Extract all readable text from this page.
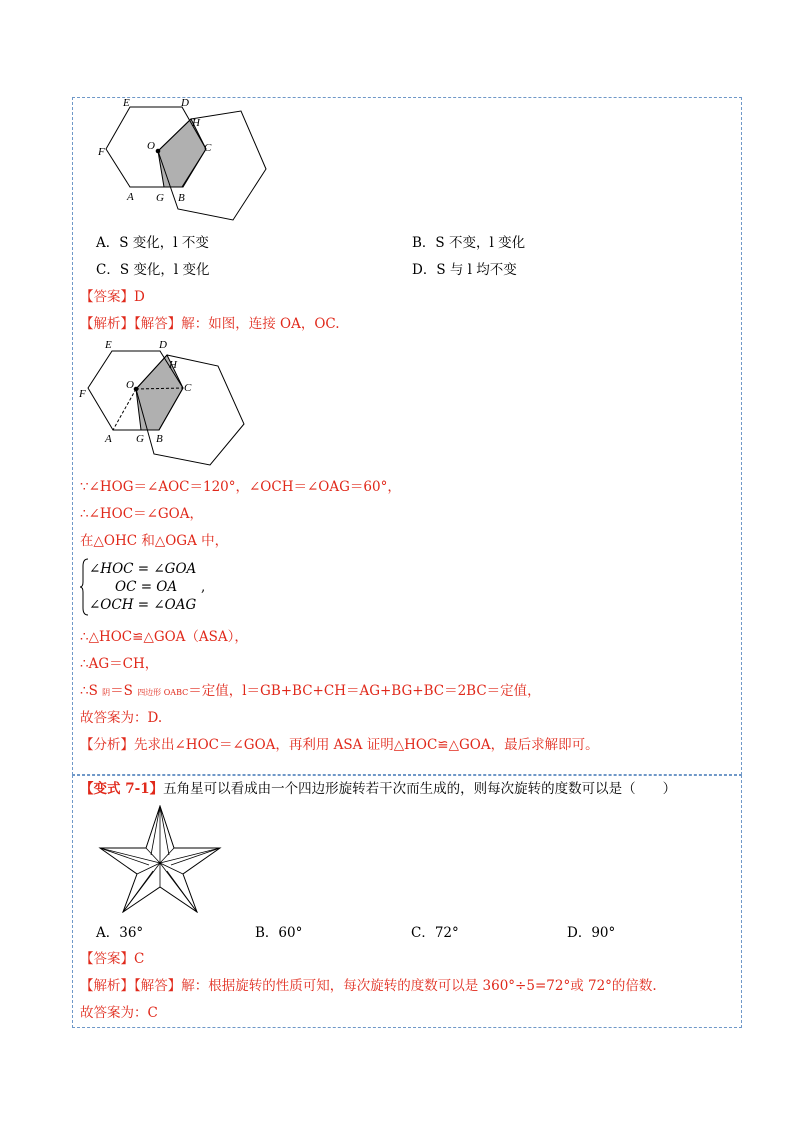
E	D
H
O	C
F
A G B
A．S 变化，l 不变	B．S 不变，l 变化
C．S 变化，l 变化	D．S 与 l 均不变
【答案】D
【解析】【解答】解：如图，连接 OA，OC.
E	D
H
O	C
F
A G B
∵∠HOG＝∠AOC＝120°，∠OCH＝∠OAG＝60°，
∴∠HOC＝∠GOA，
在△OHC 和△OGA 中，
∠HOC = ∠GOA
OC = OA
∠OCH = ∠OAG
,
∴△HOC≌△GOA（ASA），
∴AG＝CH，
∴S 阴＝S 四边形 OABC＝定值，l＝GB+BC+CH＝AG+BG+BC＝2BC＝定值，
故答案为：D.
【分析】先求出∠HOC＝∠GOA，再利用 ASA 证明△HOC≌△GOA，最后求解即可。
【变式 7-1】五角星可以看成由一个四边形旋转若干次而生成的，则每次旋转的度数可以是（　　）
A．36°	B．60°	C．72°	D．90°
【答案】C
【解析】【解答】解：根据旋转的性质可知，每次旋转的度数可以是 360°÷5=72°或 72°的倍数.
故答案为：C
